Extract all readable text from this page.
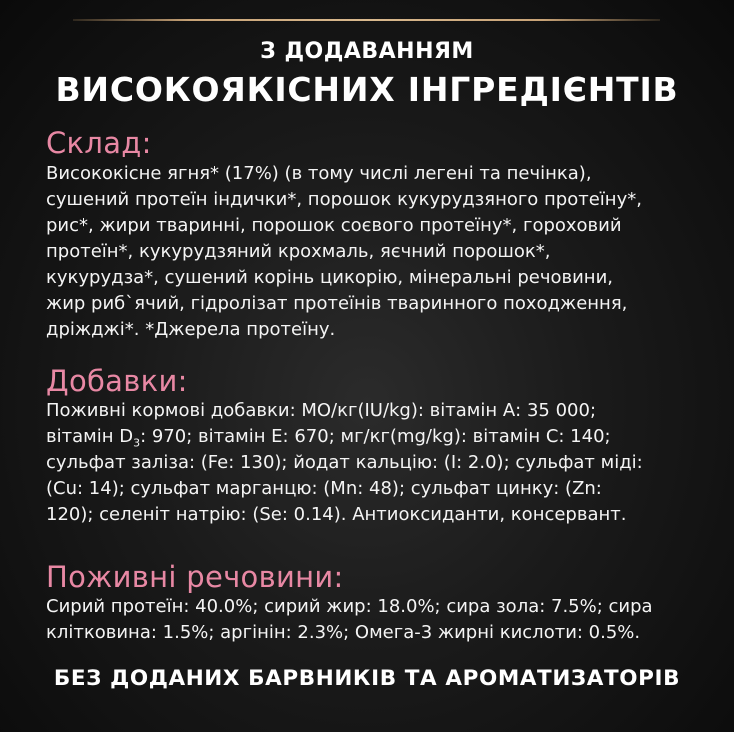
З ДОДАВАННЯМ
ВИСОКОЯКІСНИХ ІНГРЕДІЄНТІВ
Склад:
Висококісне ягня* (17%) (в тому числі легені та печінка),
сушений протеїн індички*, порошок кукурудзяного протеїну*,
рис*, жири тваринні, порошок соєвого протеїну*, гороховий
протеїн*, кукурудзяний крохмаль, яєчний порошок*,
кукурудза*, сушений корінь цикорію, мінеральні речовини,
жир риб`ячий, гідролізат протеїнів тваринного походження,
дріжджі*. *Джерела протеїну.
Добавки:
Поживні кормові добавки: МО/кг(IU/kg): вітамін А: 35 000;
вітамін $D_3$: 970; вітамін Е: 670; мг/кг(mg/kg): вітамін С: 140;
сульфат заліза: (Fe: 130); йодат кальцію: (I: 2.0); сульфат міді:
(Cu: 14); сульфат марганцю: (Mn: 48); сульфат цинку: (Zn:
120); селеніт натрію: (Se: 0.14). Антиоксиданти, консервант.
Поживні речовини:
Сирий протеїн: 40.0%; сирий жир: 18.0%; сира зола: 7.5%; сира
клітковина: 1.5%; аргінін: 2.3%; Омега-3 жирні кислоти: 0.5%.
БЕЗ ДОДАНИХ БАРВНИКІВ ТА АРОМАТИЗАТОРІВ
